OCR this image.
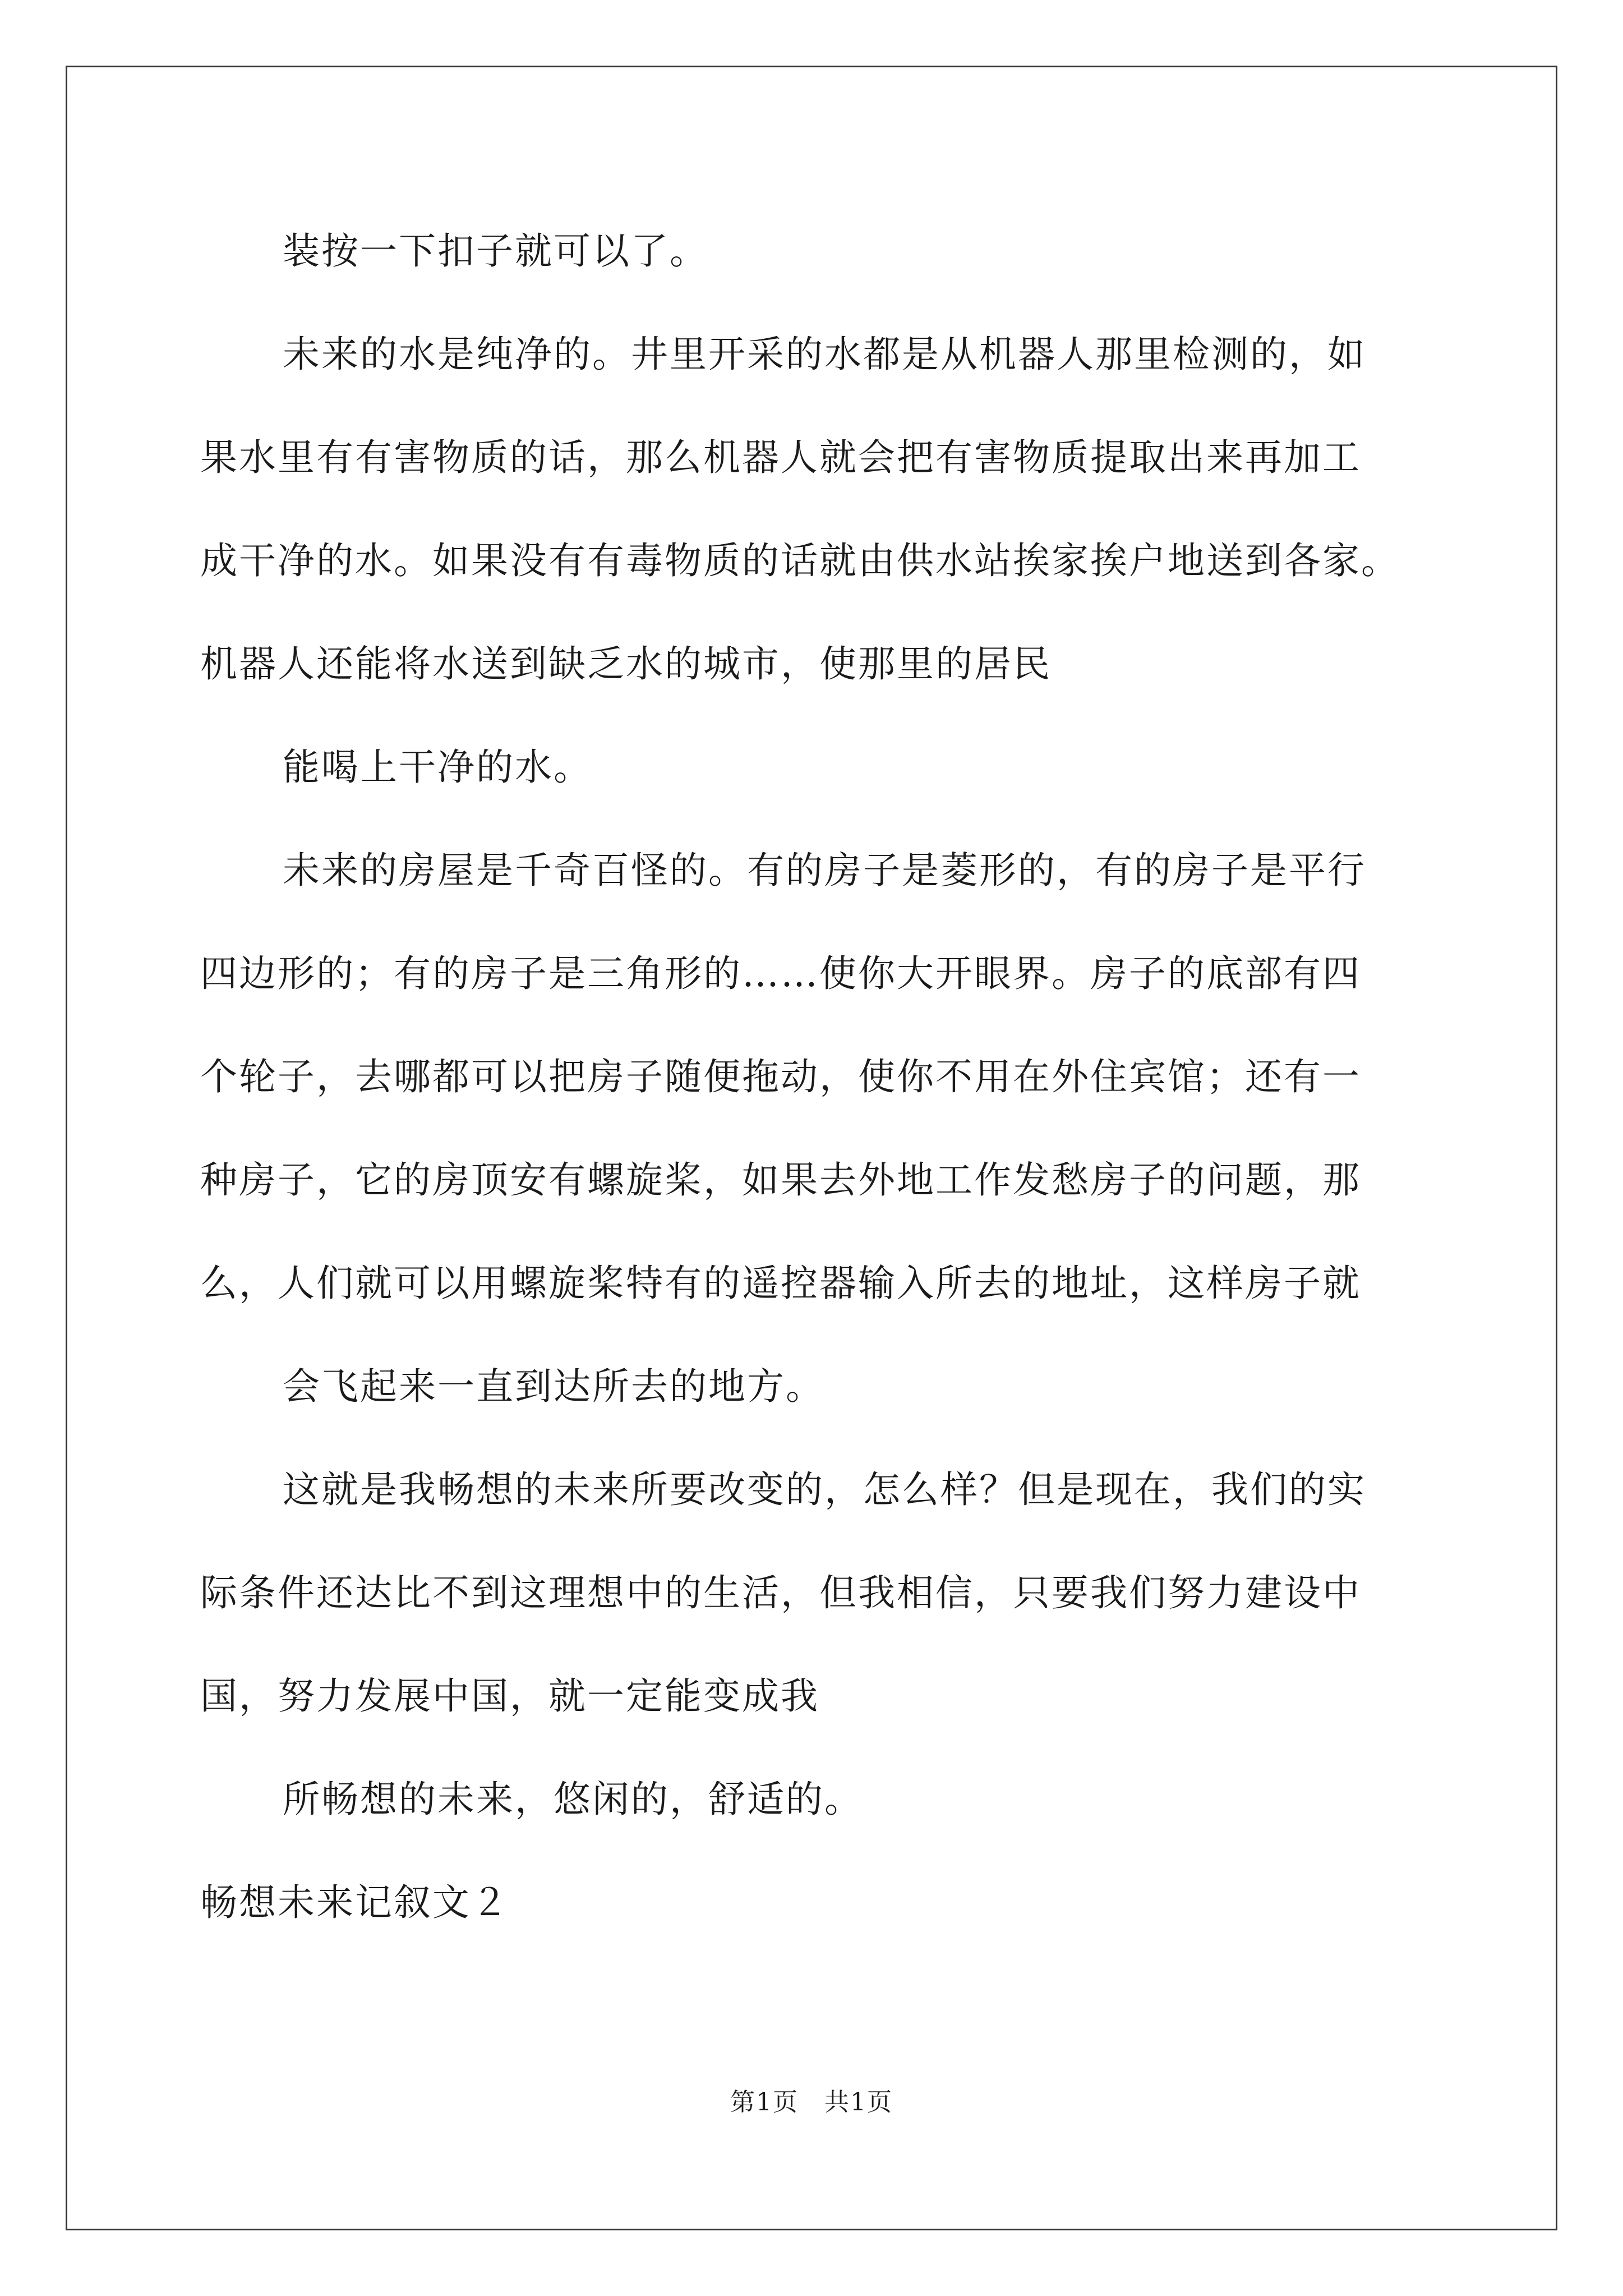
装按一下扣子就可以了。
未来的水是纯净的。井里开采的水都是从机器人那里检测的，如
果水里有有害物质的话，那么机器人就会把有害物质提取出来再加工
成干净的水。如果没有有毒物质的话就由供水站挨家挨户地送到各家。
机器人还能将水送到缺乏水的城市，使那里的居民
能喝上干净的水。
未来的房屋是千奇百怪的。有的房子是菱形的，有的房子是平行
四边形的；有的房子是三角形的……使你大开眼界。房子的底部有四
个轮子，去哪都可以把房子随便拖动，使你不用在外住宾馆；还有一
种房子，它的房顶安有螺旋桨，如果去外地工作发愁房子的问题，那
么，人们就可以用螺旋桨特有的遥控器输入所去的地址，这样房子就
会飞起来一直到达所去的地方。
这就是我畅想的未来所要改变的，怎么样？但是现在，我们的实
际条件还达比不到这理想中的生活，但我相信，只要我们努力建设中
国，努力发展中国，就一定能变成我
所畅想的未来，悠闲的，舒适的。
畅想未来记叙文２
第1页　共1页
